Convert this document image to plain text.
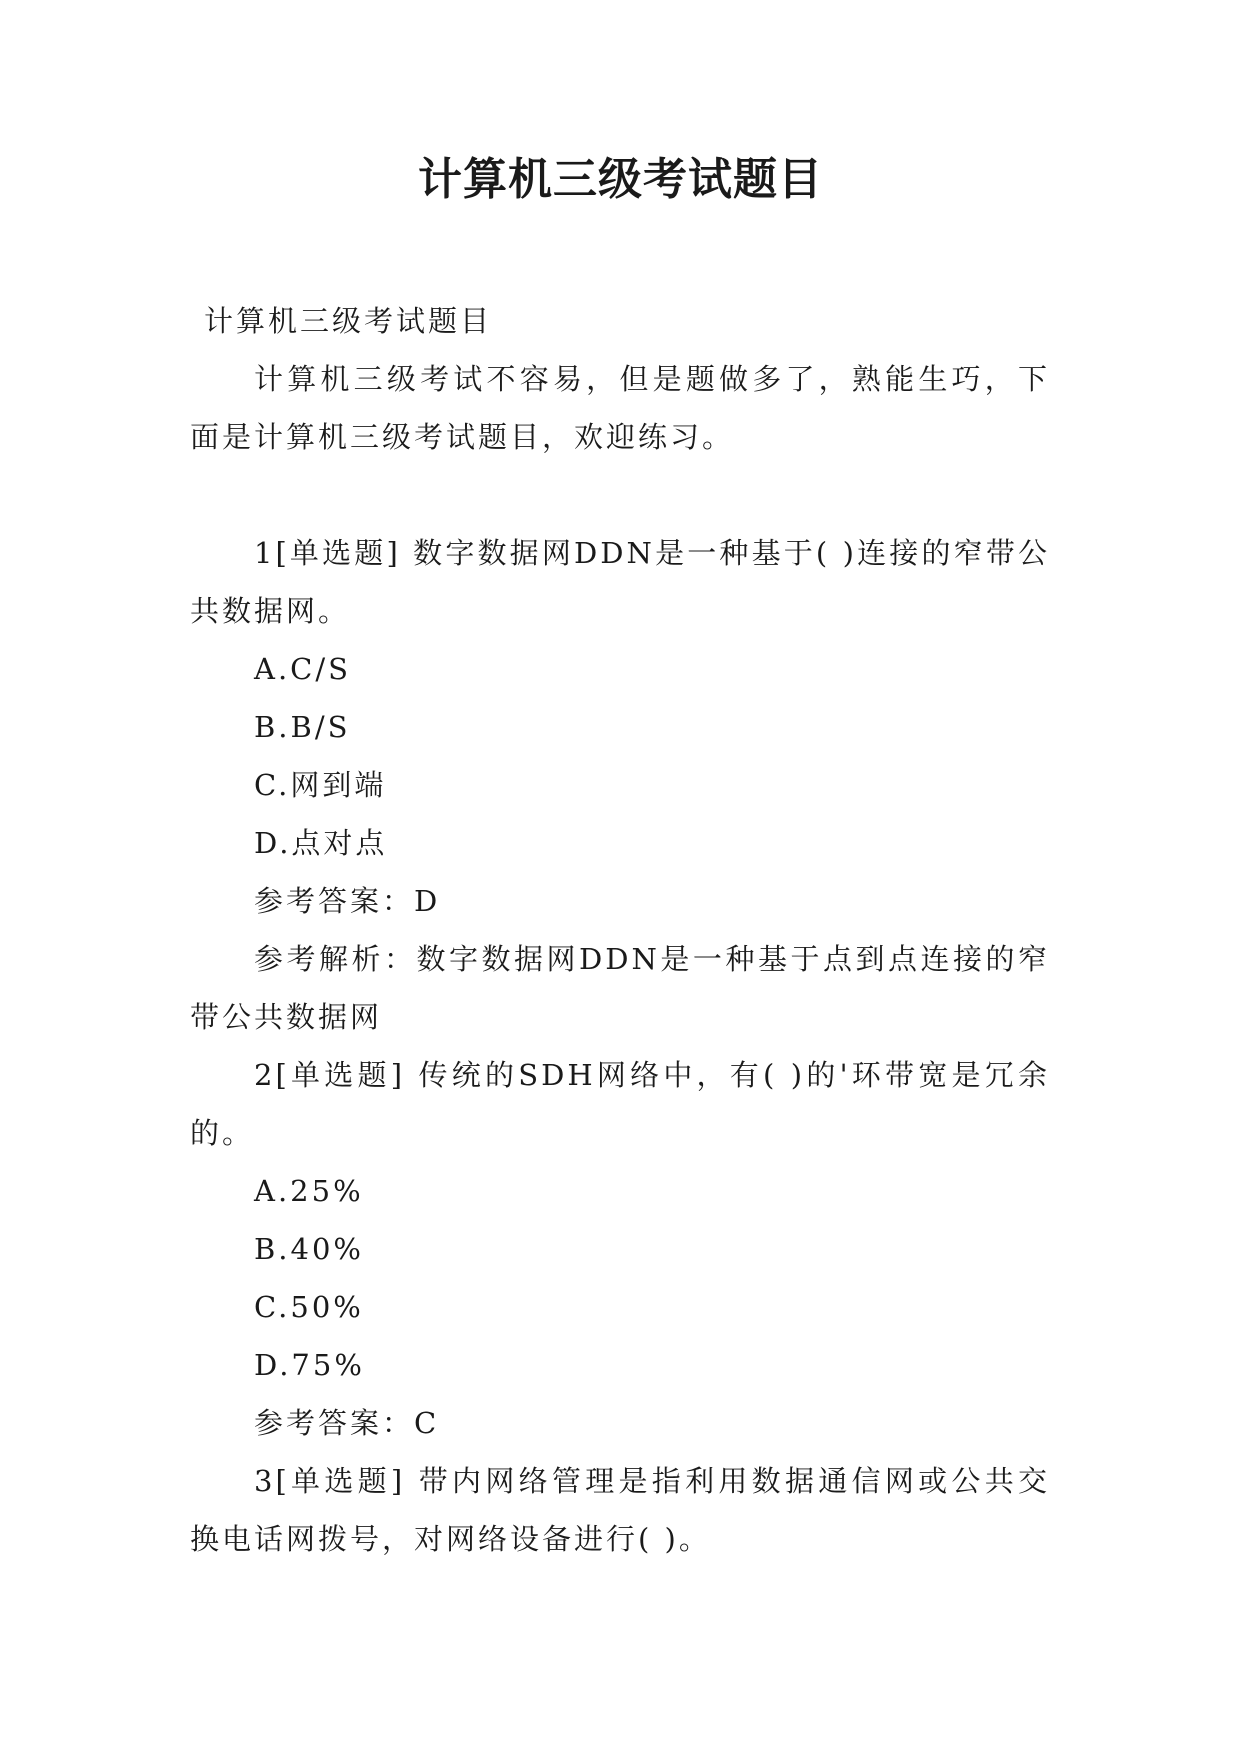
计算机三级考试题目

计算机三级考试题目

计算机三级考试不容易，但是题做多了，熟能生巧，下面是计算机三级考试题目，欢迎练习。

1[单选题] 数字数据网DDN是一种基于( )连接的窄带公共数据网。

A.C/S

B.B/S

C.网到端

D.点对点

参考答案：D

参考解析：数字数据网DDN是一种基于点到点连接的窄带公共数据网

2[单选题] 传统的SDH网络中，有( )的'环带宽是冗余的。

A.25%

B.40%

C.50%

D.75%

参考答案：C

3[单选题] 带内网络管理是指利用数据通信网或公共交换电话网拨号，对网络设备进行( )。
